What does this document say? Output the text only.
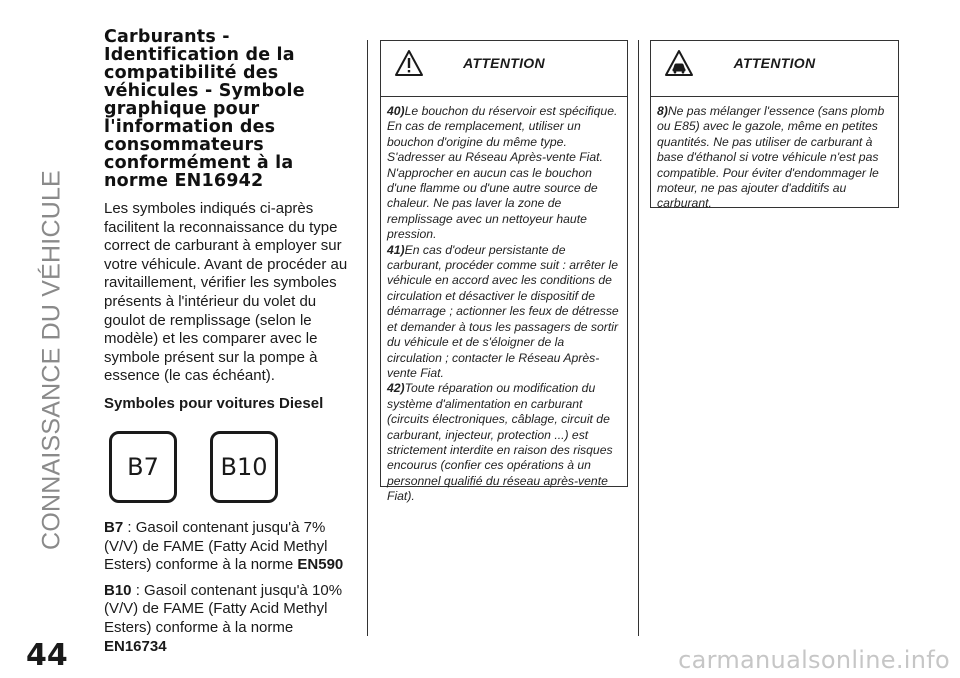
CONNAISSANCE DU VÉHICULE
Carburants - Identification de la compatibilité des véhicules - Symbole graphique pour l'information des consommateurs conformément à la norme EN16942

Les symboles indiqués ci-après facilitent la reconnaissance du type correct de carburant à employer sur votre véhicule. Avant de procéder au ravitaillement, vérifier les symboles présents à l'intérieur du volet du goulot de remplissage (selon le modèle) et les comparer avec le symbole présent sur la pompe à essence (le cas échéant).

Symboles pour voitures Diesel

B7	B10

B7 : Gasoil contenant jusqu'à 7% (V/V) de FAME (Fatty Acid Methyl Esters) conforme à la norme EN590

B10 : Gasoil contenant jusqu'à 10% (V/V) de FAME (Fatty Acid Methyl Esters) conforme à la norme EN16734

ATTENTION

40)Le bouchon du réservoir est spécifique. En cas de remplacement, utiliser un bouchon d'origine du même type. S'adresser au Réseau Après-vente Fiat. N'approcher en aucun cas le bouchon d'une flamme ou d'une autre source de chaleur. Ne pas laver la zone de remplissage avec un nettoyeur haute pression.

41)En cas d'odeur persistante de carburant, procéder comme suit : arrêter le véhicule en accord avec les conditions de circulation et désactiver le dispositif de démarrage ; actionner les feux de détresse et demander à tous les passagers de sortir du véhicule et de s'éloigner de la circulation ; contacter le Réseau Après-vente Fiat.

42)Toute réparation ou modification du système d'alimentation en carburant (circuits électroniques, câblage, circuit de carburant, injecteur, protection ...) est strictement interdite en raison des risques encourus (confier ces opérations à un personnel qualifié du réseau après-vente Fiat).

ATTENTION

8)Ne pas mélanger l'essence (sans plomb ou E85) avec le gazole, même en petites quantités. Ne pas utiliser de carburant à base d'éthanol si votre véhicule n'est pas compatible. Pour éviter d'endommager le moteur, ne pas ajouter d'additifs au carburant.

44	carmanualsonline.info
